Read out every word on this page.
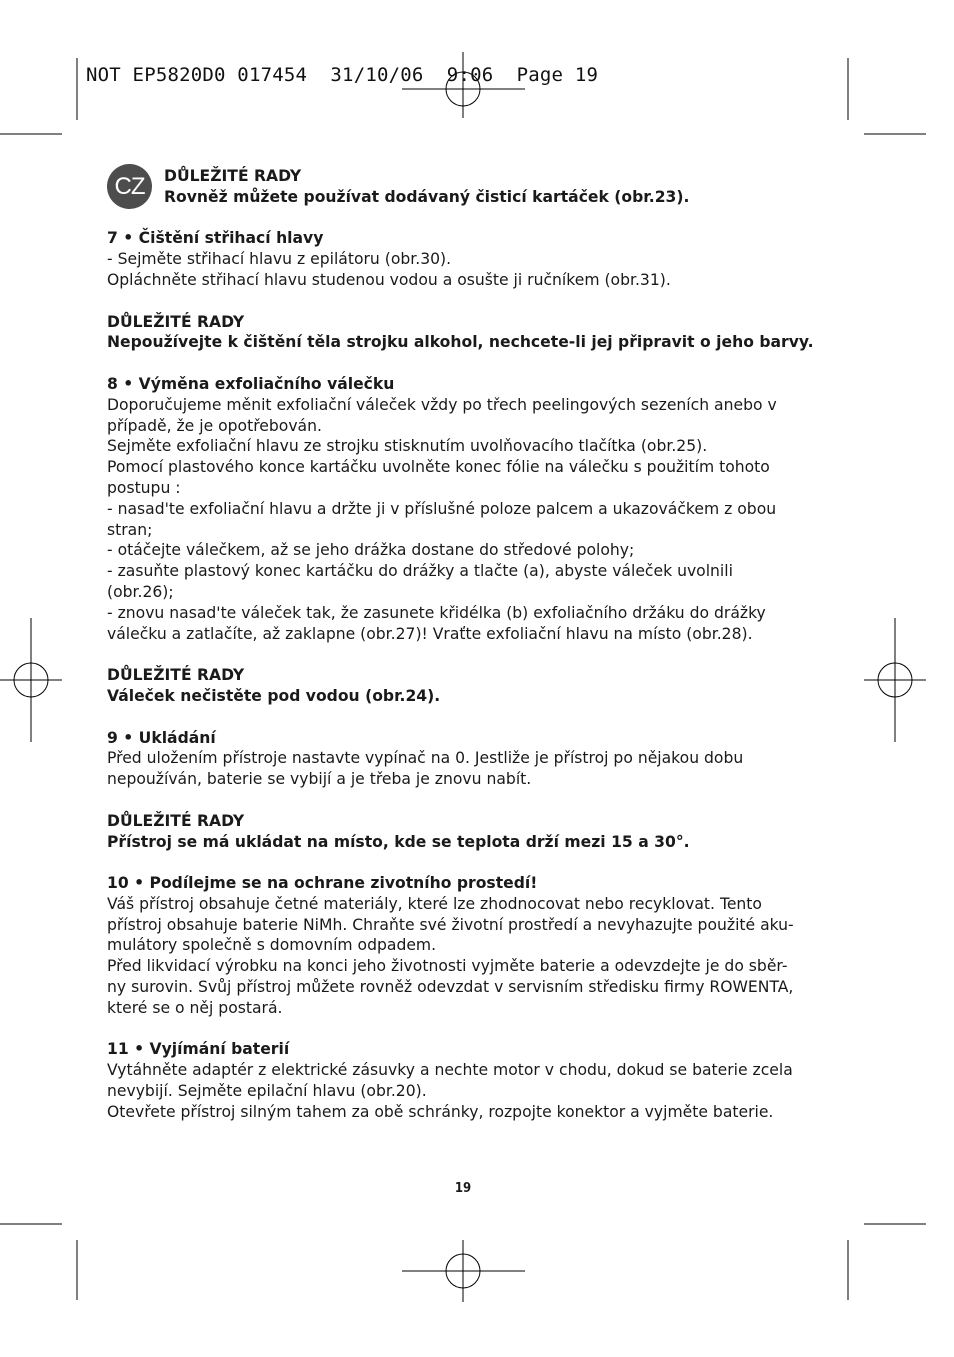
NOT EP5820D0 017454  31/10/06  9:06  Page 19
CZ	DŮLEŽITÉ RADY

Rovněž můžete používat dodávaný čisticí kartáček (obr.23).

7 • Čištění střihací hlavy

- Sejměte střihací hlavu z epilátoru (obr.30).

Opláchněte střihací hlavu studenou vodou a osušte ji ručníkem (obr.31).

DŮLEŽITÉ RADY

Nepoužívejte k čištění těla strojku alkohol, nechcete-li jej připravit o jeho barvy.

8 • Výměna exfoliačního válečku

Doporučujeme měnit exfoliační váleček vždy po třech peelingových sezeních anebo v

případě, že je opotřebován.

Sejměte exfoliační hlavu ze strojku stisknutím uvolňovacího tlačítka (obr.25).

Pomocí plastového konce kartáčku uvolněte konec fólie na válečku s použitím tohoto

postupu :

- nasad'te exfoliační hlavu a držte ji v příslušné poloze palcem a ukazováčkem z obou

stran;

- otáčejte válečkem, až se jeho drážka dostane do středové polohy;

- zasuňte plastový konec kartáčku do drážky a tlačte (a), abyste váleček uvolnili

(obr.26);

- znovu nasad'te váleček tak, že zasunete křidélka (b) exfoliačního držáku do drážky

válečku a zatlačíte, až zaklapne (obr.27)! Vraťte exfoliační hlavu na místo (obr.28).

DŮLEŽITÉ RADY

Váleček nečistěte pod vodou (obr.24).

9 • Ukládání

Před uložením přístroje nastavte vypínač na 0. Jestliže je přístroj po nějakou dobu

nepoužíván, baterie se vybijí a je třeba je znovu nabít.

DŮLEŽITÉ RADY

Přístroj se má ukládat na místo, kde se teplota drží mezi 15 a 30°.

10 • Podílejme se na ochrane zivotního prostedí!

Váš přístroj obsahuje četné materiály, které lze zhodnocovat nebo recyklovat. Tento

přístroj obsahuje baterie NiMh. Chraňte své životní prostředí a nevyhazujte použité aku-

mulátory společně s domovním odpadem.

Před likvidací výrobku na konci jeho životnosti vyjměte baterie a odevzdejte je do sběr-

ny surovin. Svůj přístroj můžete rovněž odevzdat v servisním středisku firmy ROWENTA,

které se o něj postará.

11 • Vyjímání baterií

Vytáhněte adaptér z elektrické zásuvky a nechte motor v chodu, dokud se baterie zcela

nevybijí. Sejměte epilační hlavu (obr.20).

Otevřete přístroj silným tahem za obě schránky, rozpojte konektor a vyjměte baterie.

19
